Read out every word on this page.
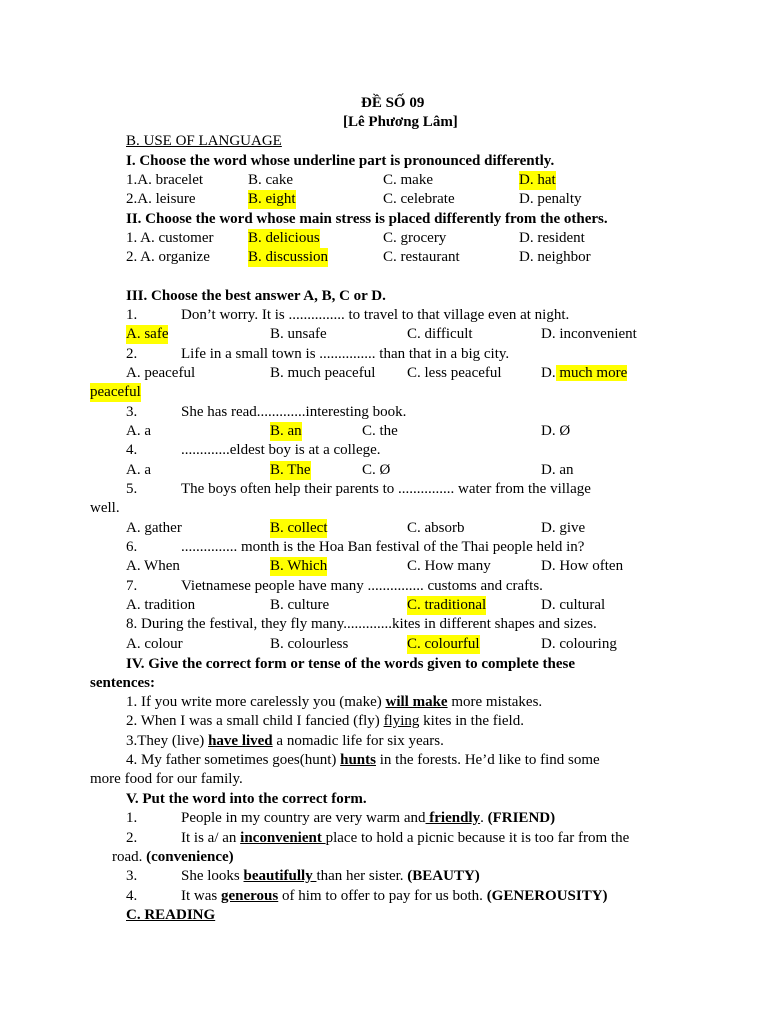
ĐỀ SỐ 09
[Lê Phương Lâm]
B. USE OF LANGUAGE
I. Choose the word whose underline part is pronounced differently.
1.A. bracelet	B. cake	C. make	D. hat
2.A. leisure	B. eight	C. celebrate	D. penalty
II. Choose the word whose main stress is placed differently from the others.
1. A. customer B. delicious	C. grocery	D. resident
2. A. organize	B. discussion	C. restaurant	D. neighbor
III. Choose the best answer A, B, C or D.
1.	Don’t worry. It is ............... to travel to that village even at night.
A. safe	B. unsafe	C. difficult	D. inconvenient
2.	Life in a small town is ............... than that in a big city.
A. peaceful	B. much peaceful C. less peaceful	D. much more
peaceful
3.	She has read.............interesting book.
A. a	B. an	C. the	D. Ø
4.	.............eldest boy is at a college.
A. a	B. The	C. Ø	D. an
5.	The boys often help their parents to ............... water from the village
well.
A. gather	B. collect	C. absorb	D. give
6.	............... month is the Hoa Ban festival of the Thai people held in?
A. When	B. Which	C. How many	D. How often
7.	Vietnamese people have many ............... customs and crafts.
A. tradition	B. culture	C. traditional	D. cultural
8. During the festival, they fly many.............kites in different shapes and sizes.
A. colour	B. colourless	C. colourful	D. colouring
IV. Give the correct form or tense of the words given to complete these
sentences:
1. If you write more carelessly you (make) will make more mistakes.
2. When I was a small child I fancied (fly) flying kites in the field.
3.They (live) have lived a nomadic life for six years.
4. My father sometimes goes(hunt) hunts in the forests. He’d like to find some
more food for our family.
V. Put the word into the correct form.
1.	People in my country are very warm and friendly. (FRIEND)
2.	It is a/ an inconvenient place to hold a picnic because it is too far from the
road. (convenience)
3.	She looks beautifully than her sister. (BEAUTY)
4.	It was generous of him to offer to pay for us both. (GENEROUSITY)
C. READING
